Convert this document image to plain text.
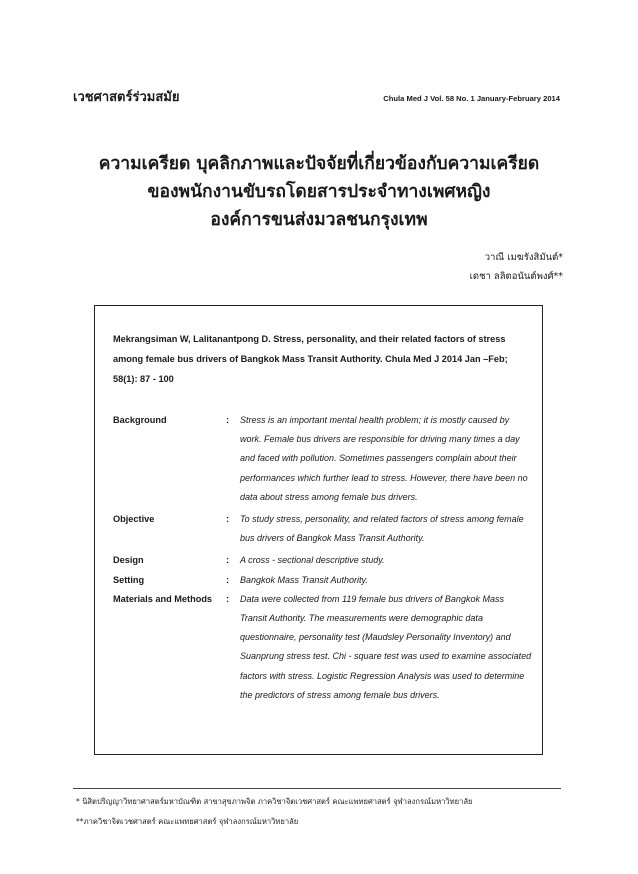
เวชศาสตร์ร่วมสมัย	Chula Med J Vol. 58 No. 1 January-February 2014
ความเครียด บุคลิกภาพและปัจจัยที่เกี่ยวข้องกับความเครียด
ของพนักงานขับรถโดยสารประจำทางเพศหญิง
องค์การขนส่งมวลชนกรุงเทพ
วาณี เมฆรังสิมันต์*
เดชา ลลิตอนันต์พงศ์**
Mekrangsiman W, Lalitanantpong D. Stress, personality, and their related factors of stress among female bus drivers of Bangkok Mass Transit Authority. Chula Med J 2014 Jan –Feb; 58(1): 87 - 100
Background	:	Stress is an important mental health problem; it is mostly caused by work. Female bus drivers are responsible for driving many times a day and faced with pollution. Sometimes passengers complain about their performances which further lead to stress. However, there have been no data about stress among female bus drivers.
Objective	:	To study stress, personality, and related factors of stress among female bus drivers of Bangkok Mass Transit Authority.
Design	:	A cross - sectional descriptive study.
Setting	:	Bangkok Mass Transit Authority.
Materials and Methods	:	Data were collected from 119 female bus drivers of Bangkok Mass Transit Authority. The measurements were demographic data questionnaire, personality test (Maudsley Personality Inventory) and Suanprung stress test. Chi - square test was used to examine associated factors with stress. Logistic Regression Analysis was used to determine the predictors of stress among female bus drivers.
* นิสิตปริญญาวิทยาศาสตร์มหาบัณฑิต สาขาสุขภาพจิต ภาควิชาจิตเวชศาสตร์ คณะแพทยศาสตร์ จุฬาลงกรณ์มหาวิทยาลัย
**ภาควิชาจิตเวชศาสตร์ คณะแพทยศาสตร์ จุฬาลงกรณ์มหาวิทยาลัย
